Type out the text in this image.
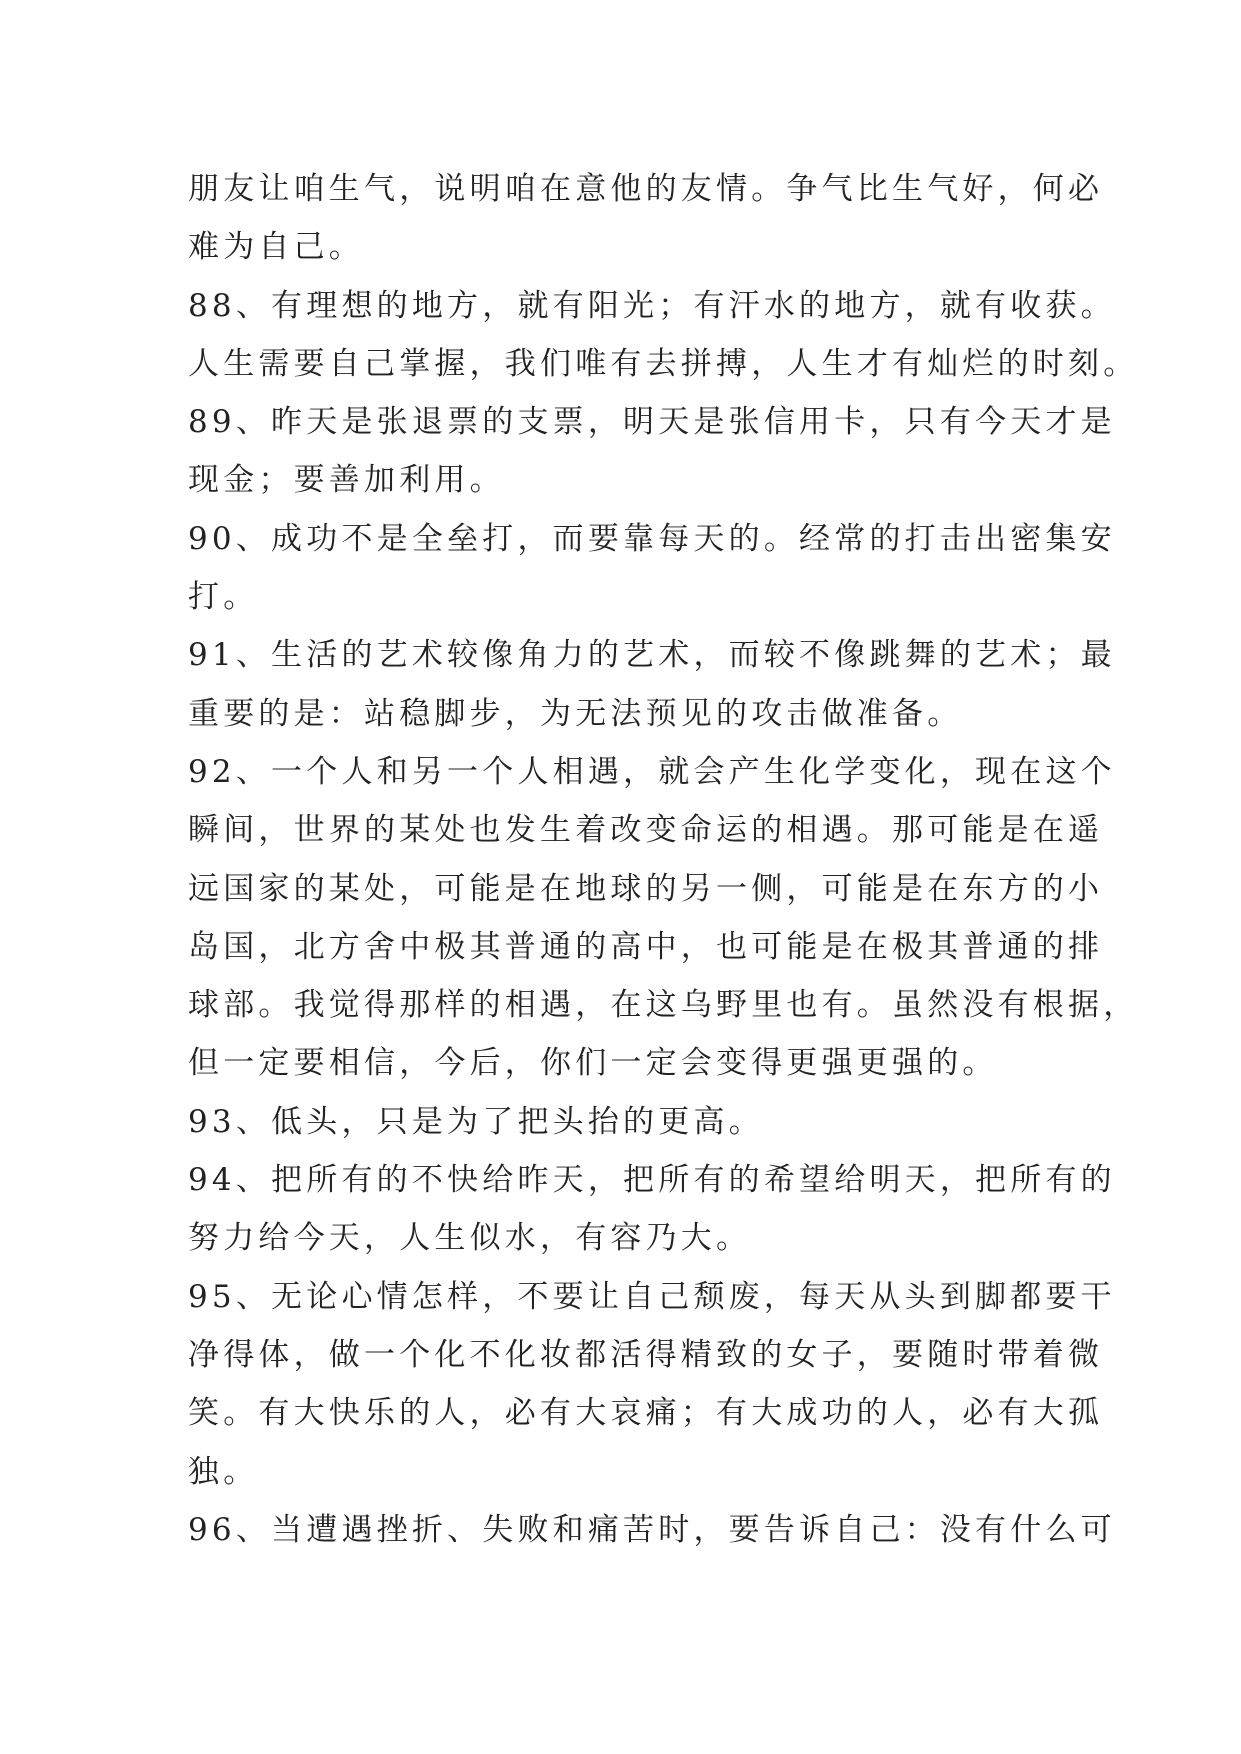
朋友让咱生气，说明咱在意他的友情。争气比生气好，何必
难为自己。
88、有理想的地方，就有阳光；有汗水的地方，就有收获。
人生需要自己掌握，我们唯有去拼搏，人生才有灿烂的时刻。
89、昨天是张退票的支票，明天是张信用卡，只有今天才是
现金；要善加利用。
90、成功不是全垒打，而要靠每天的。经常的打击出密集安
打。
91、生活的艺术较像角力的艺术，而较不像跳舞的艺术；最
重要的是：站稳脚步，为无法预见的攻击做准备。
92、一个人和另一个人相遇，就会产生化学变化，现在这个
瞬间，世界的某处也发生着改变命运的相遇。那可能是在遥
远国家的某处，可能是在地球的另一侧，可能是在东方的小
岛国，北方舍中极其普通的高中，也可能是在极其普通的排
球部。我觉得那样的相遇，在这乌野里也有。虽然没有根据，
但一定要相信，今后，你们一定会变得更强更强的。
93、低头，只是为了把头抬的更高。
94、把所有的不快给昨天，把所有的希望给明天，把所有的
努力给今天，人生似水，有容乃大。
95、无论心情怎样，不要让自己颓废，每天从头到脚都要干
净得体，做一个化不化妆都活得精致的女子，要随时带着微
笑。有大快乐的人，必有大哀痛；有大成功的人，必有大孤
独。
96、当遭遇挫折、失败和痛苦时，要告诉自己：没有什么可
